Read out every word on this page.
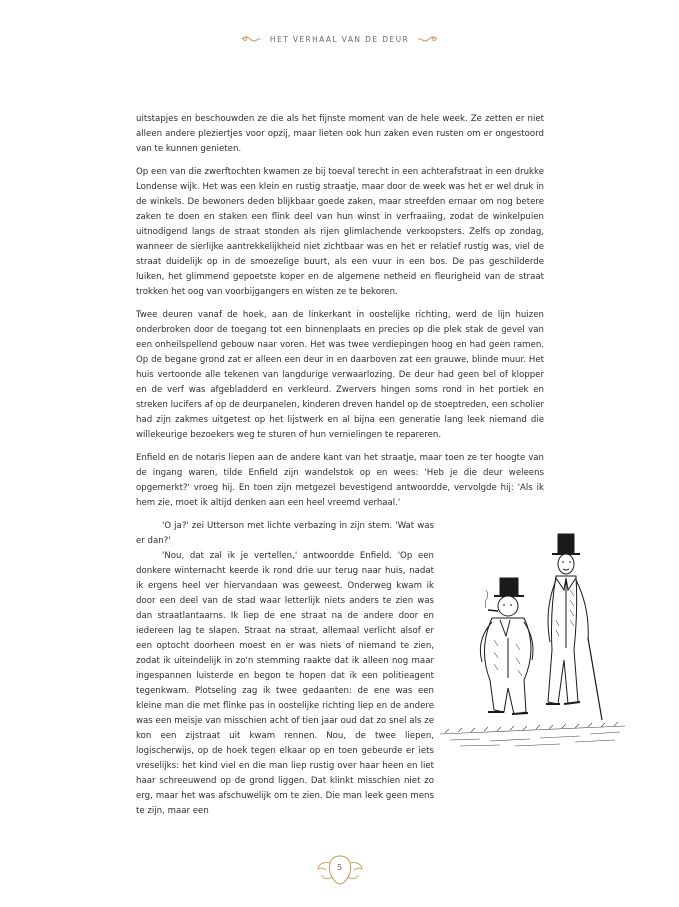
HET VERHAAL VAN DE DEUR

uitstapjes en beschouwden ze die als het fijnste moment van de hele week. Ze zetten er niet alleen andere pleziertjes voor opzij, maar lieten ook hun zaken even rusten om er ongestoord van te kunnen genieten.

Op een van die zwerftochten kwamen ze bij toeval terecht in een achterafstraat in een drukke Londense wijk. Het was een klein en rustig straatje, maar door de week was het er wel druk in de winkels. De bewoners deden blijkbaar goede zaken, maar streefden ernaar om nog betere zaken te doen en staken een flink deel van hun winst in verfraaiing, zodat de winkelpuien uitnodigend langs de straat stonden als rijen glimlachende verkoopsters. Zelfs op zondag, wanneer de sierlijke aantrekkelijkheid niet zichtbaar was en het er relatief rustig was, viel de straat duidelijk op in de smoezelige buurt, als een vuur in een bos. De pas geschilderde luiken, het glimmend gepoetste koper en de algemene netheid en fleurigheid van de straat trokken het oog van voorbijgangers en wisten ze te bekoren.

Twee deuren vanaf de hoek, aan de linkerkant in oostelijke richting, werd de lijn huizen onderbroken door de toegang tot een binnenplaats en precies op die plek stak de gevel van een onheilspellend gebouw naar voren. Het was twee verdiepingen hoog en had geen ramen. Op de begane grond zat er alleen een deur in en daarboven zat een grauwe, blinde muur. Het huis vertoonde alle tekenen van langdurige verwaarlozing. De deur had geen bel of klopper en de verf was afgebladderd en verkleurd. Zwervers hingen soms rond in het portiek en streken lucifers af op de deurpanelen, kinderen dreven handel op de stoeptreden, een scholier had zijn zakmes uitgetest op het lijstwerk en al bijna een generatie lang leek niemand die willekeurige bezoekers weg te sturen of hun vernielingen te repareren.

Enfield en de notaris liepen aan de andere kant van het straatje, maar toen ze ter hoogte van de ingang waren, tilde Enfield zijn wandelstok op en wees: 'Heb je die deur weleens opgemerkt?' vroeg hij. En toen zijn metgezel bevestigend antwoordde, vervolgde hij: 'Als ik hem zie, moet ik altijd denken aan een heel vreemd verhaal.'

'O ja?' zei Utterson met lichte verbazing in zijn stem. 'Wat was er dan?'

'Nou, dat zal ik je vertellen,' antwoordde Enfield. 'Op een donkere winternacht keerde ik rond drie uur terug naar huis, nadat ik ergens heel ver hiervandaan was geweest. Onderweg kwam ik door een deel van de stad waar letterlijk niets anders te zien was dan straatlantaarns. Ik liep de ene straat na de andere door en iedereen lag te slapen. Straat na straat, allemaal verlicht alsof er een optocht doorheen moest en er was niets of niemand te zien, zodat ik uiteindelijk in zo'n stemming raakte dat ik alleen nog maar ingespannen luisterde en begon te hopen dat ik een politieagent tegenkwam. Plotseling zag ik twee gedaanten: de ene was een kleine man die met flinke pas in oostelijke richting liep en de andere was een meisje van misschien acht of tien jaar oud dat zo snel als ze kon een zijstraat uit kwam rennen. Nou, de twee liepen, logischerwijs, op de hoek tegen elkaar op en toen gebeurde er iets vreselijks: het kind viel en die man liep rustig over haar heen en liet haar schreeuwend op de grond liggen. Dat klinkt misschien niet zo erg, maar het was afschuwelijk om te zien. Die man leek geen mens te zijn, maar een

5
